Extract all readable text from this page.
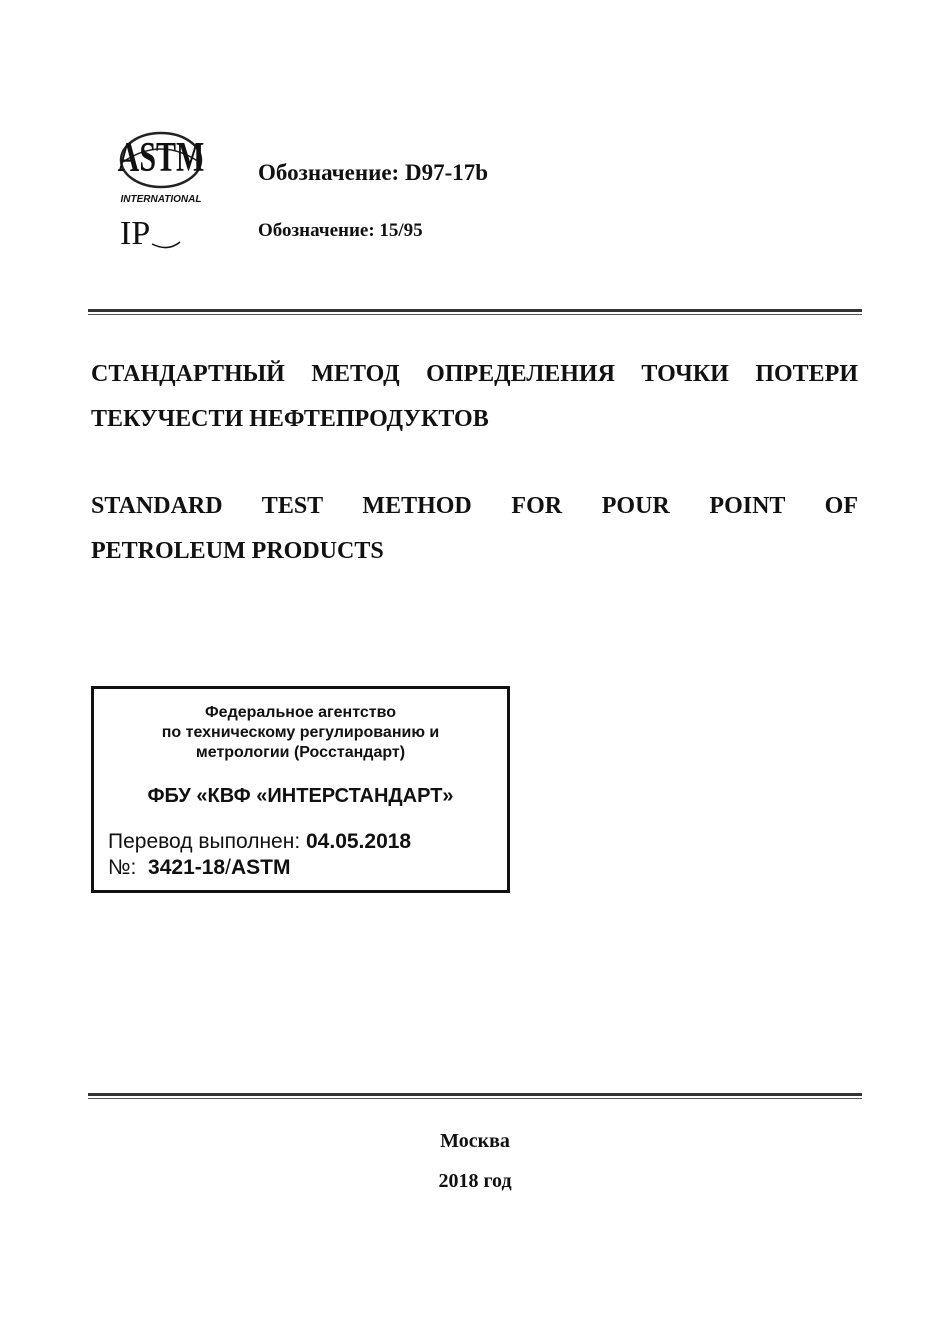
ASTM
INTERNATIONAL
IP
Обозначение: D97-17b
Обозначение: 15/95
СТАНДАРТНЫЙ МЕТОД ОПРЕДЕЛЕНИЯ ТОЧКИ ПОТЕРИ
ТЕКУЧЕСТИ НЕФТЕПРОДУКТОВ
STANDARD TEST METHOD FOR POUR POINT OF
PETROLEUM PRODUCTS
Федеральное агентство
по техническому регулированию и
метрологии (Росстандарт)
ФБУ «КВФ «ИНТЕРСТАНДАРТ»
Перевод выполнен: 04.05.2018
№: 3421-18/ASTM
Москва
2018 год
